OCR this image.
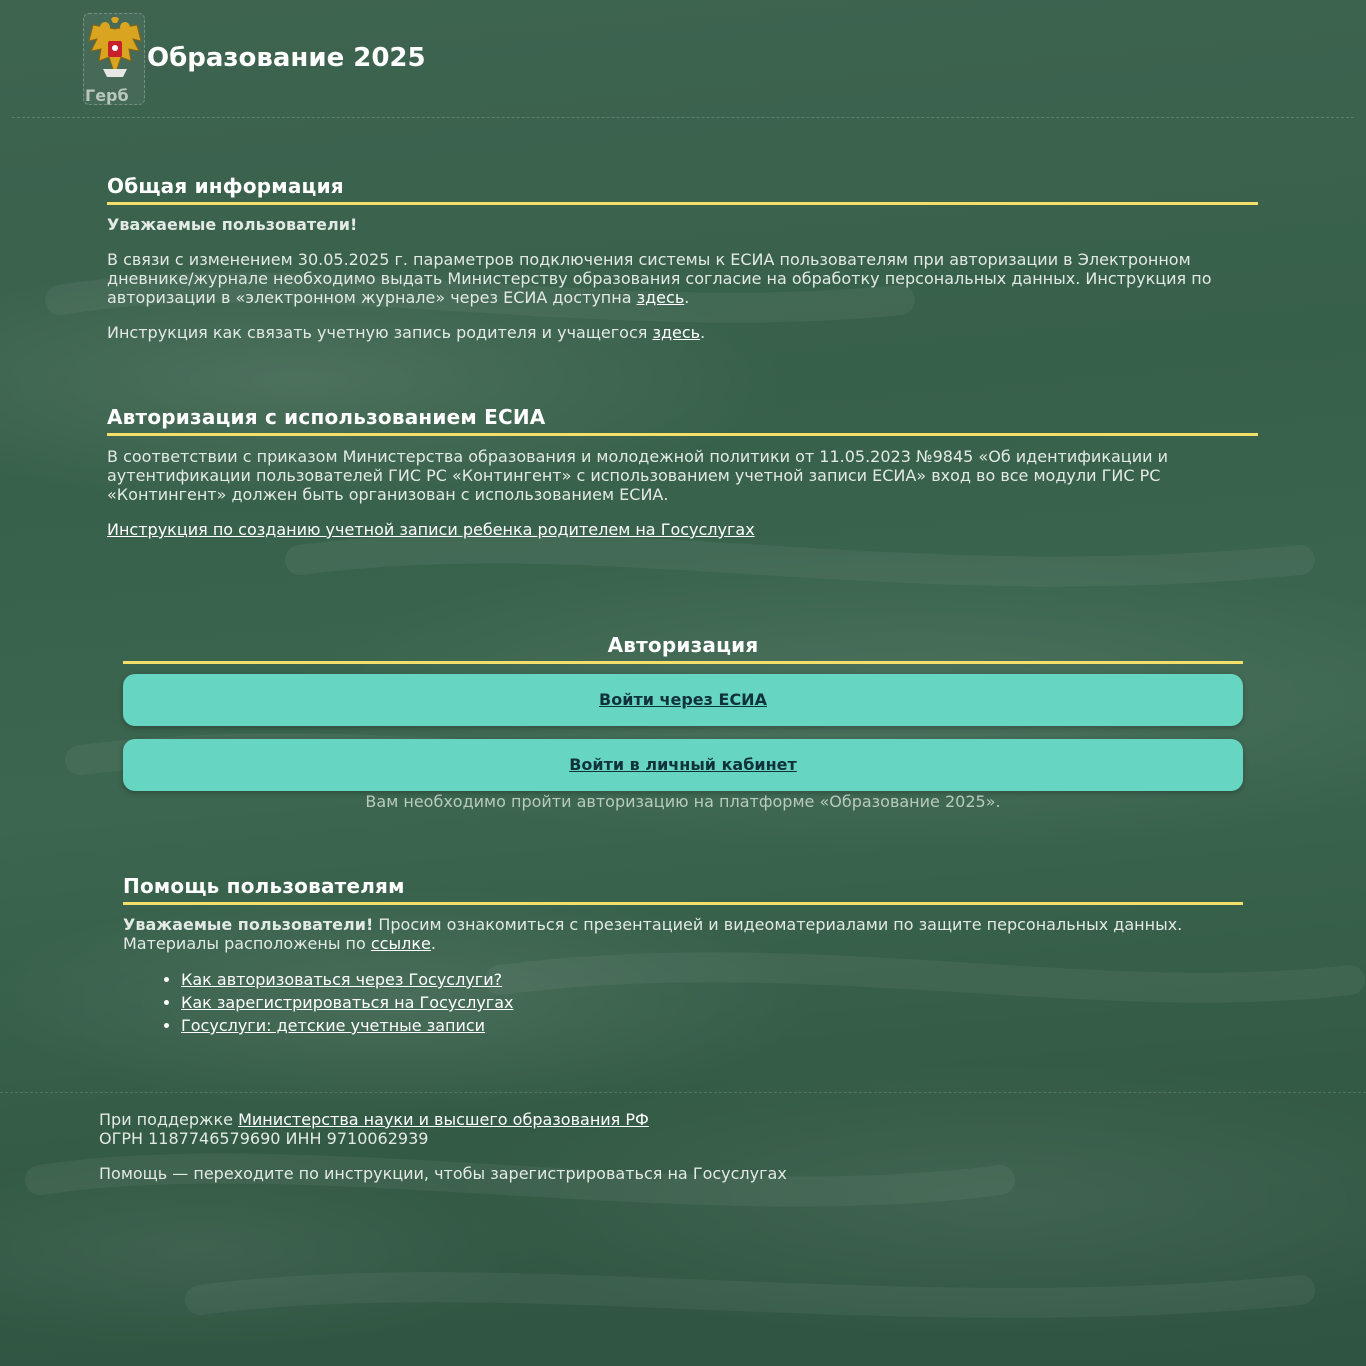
Герб
Образование 2025
Общая информация

Уважаемые пользователи!

В связи с изменением 30.05.2025 г. параметров подключения системы к ЕСИА пользователям при авторизации в Электронном дневнике/журнале необходимо выдать Министерству образования согласие на обработку персональных данных. Инструкция по авторизации в «электронном журнале» через ЕСИА доступна здесь.

Инструкция как связать учетную запись родителя и учащегося здесь.

Авторизация с использованием ЕСИА

В соответствии с приказом Министерства образования и молодежной политики от 11.05.2023 №9845 «Об идентификации и аутентификации пользователей ГИС РС «Контингент» с использованием учетной записи ЕСИА» вход во все модули ГИС РС «Контингент» должен быть организован с использованием ЕСИА.

Инструкция по созданию учетной записи ребенка родителем на Госуслугах

Авторизация
Войти через ЕСИА
Войти в личный кабинет

Вам необходимо пройти авторизацию на платформе «Образование 2025».

Помощь пользователям

Уважаемые пользователи! Просим ознакомиться с презентацией и видеоматериалами по защите персональных данных. Материалы расположены по ссылке.

• Как авторизоваться через Госуслуги?
• Как зарегистрироваться на Госуслугах
• Госуслуги: детские учетные записи

При поддержке Министерства науки и высшего образования РФ

ОГРН 1187746579690 ИНН 9710062939

Помощь — переходите по инструкции, чтобы зарегистрироваться на Госуслугах
